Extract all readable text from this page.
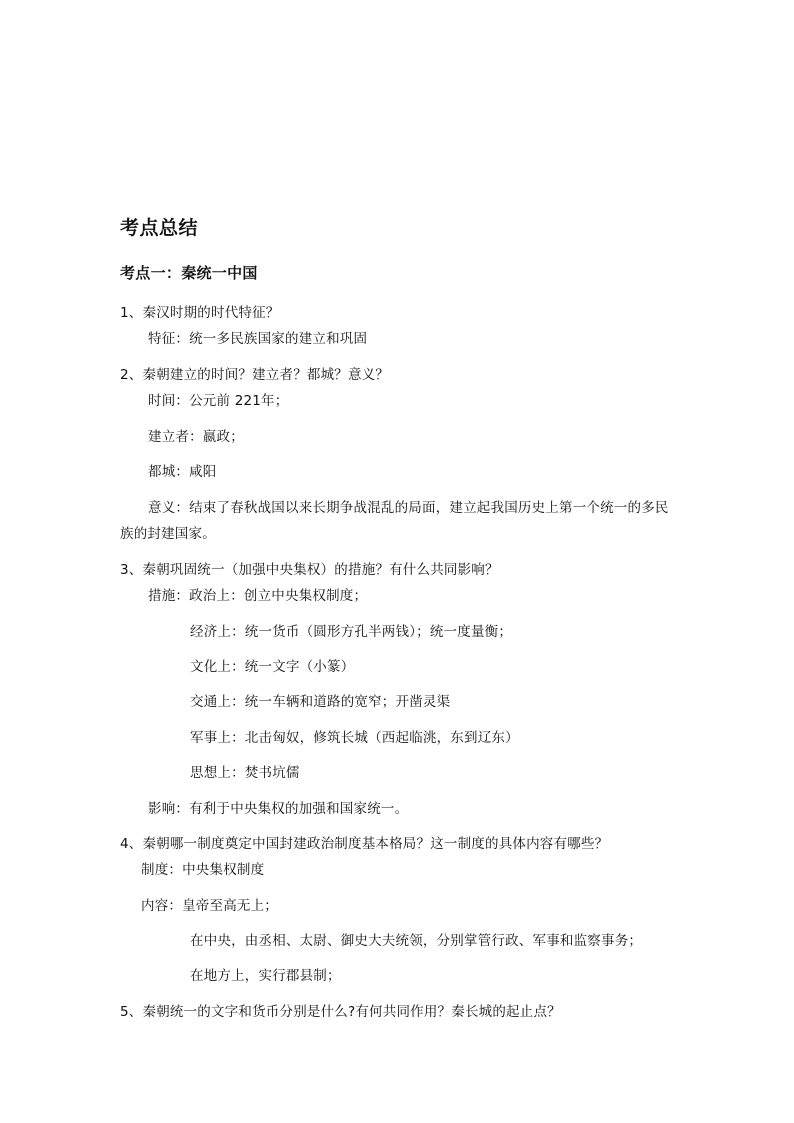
考点总结
考点一：秦统一中国
1、秦汉时期的时代特征？
特征：统一多民族国家的建立和巩固
2、秦朝建立的时间？建立者？都城？意义？
时间：公元前 221年；
建立者：嬴政；
都城：咸阳
意义：结束了春秋战国以来长期争战混乱的局面，建立起我国历史上第一个统一的多民
族的封建国家。
3、秦朝巩固统一（加强中央集权）的措施？有什么共同影响？
措施：政治上：创立中央集权制度；
经济上：统一货币（圆形方孔半两钱）；统一度量衡；
文化上：统一文字（小篆）
交通上：统一车辆和道路的宽窄；开凿灵渠
军事上：北击匈奴，修筑长城（西起临洮，东到辽东）
思想上：焚书坑儒
影响：有利于中央集权的加强和国家统一。
4、秦朝哪一制度奠定中国封建政治制度基本格局？这一制度的具体内容有哪些？
制度：中央集权制度
内容：皇帝至高无上；
在中央，由丞相、太尉、御史大夫统领，分别掌管行政、军事和监察事务；
在地方上，实行郡县制；
5、秦朝统一的文字和货币分别是什么?有何共同作用？秦长城的起止点？
